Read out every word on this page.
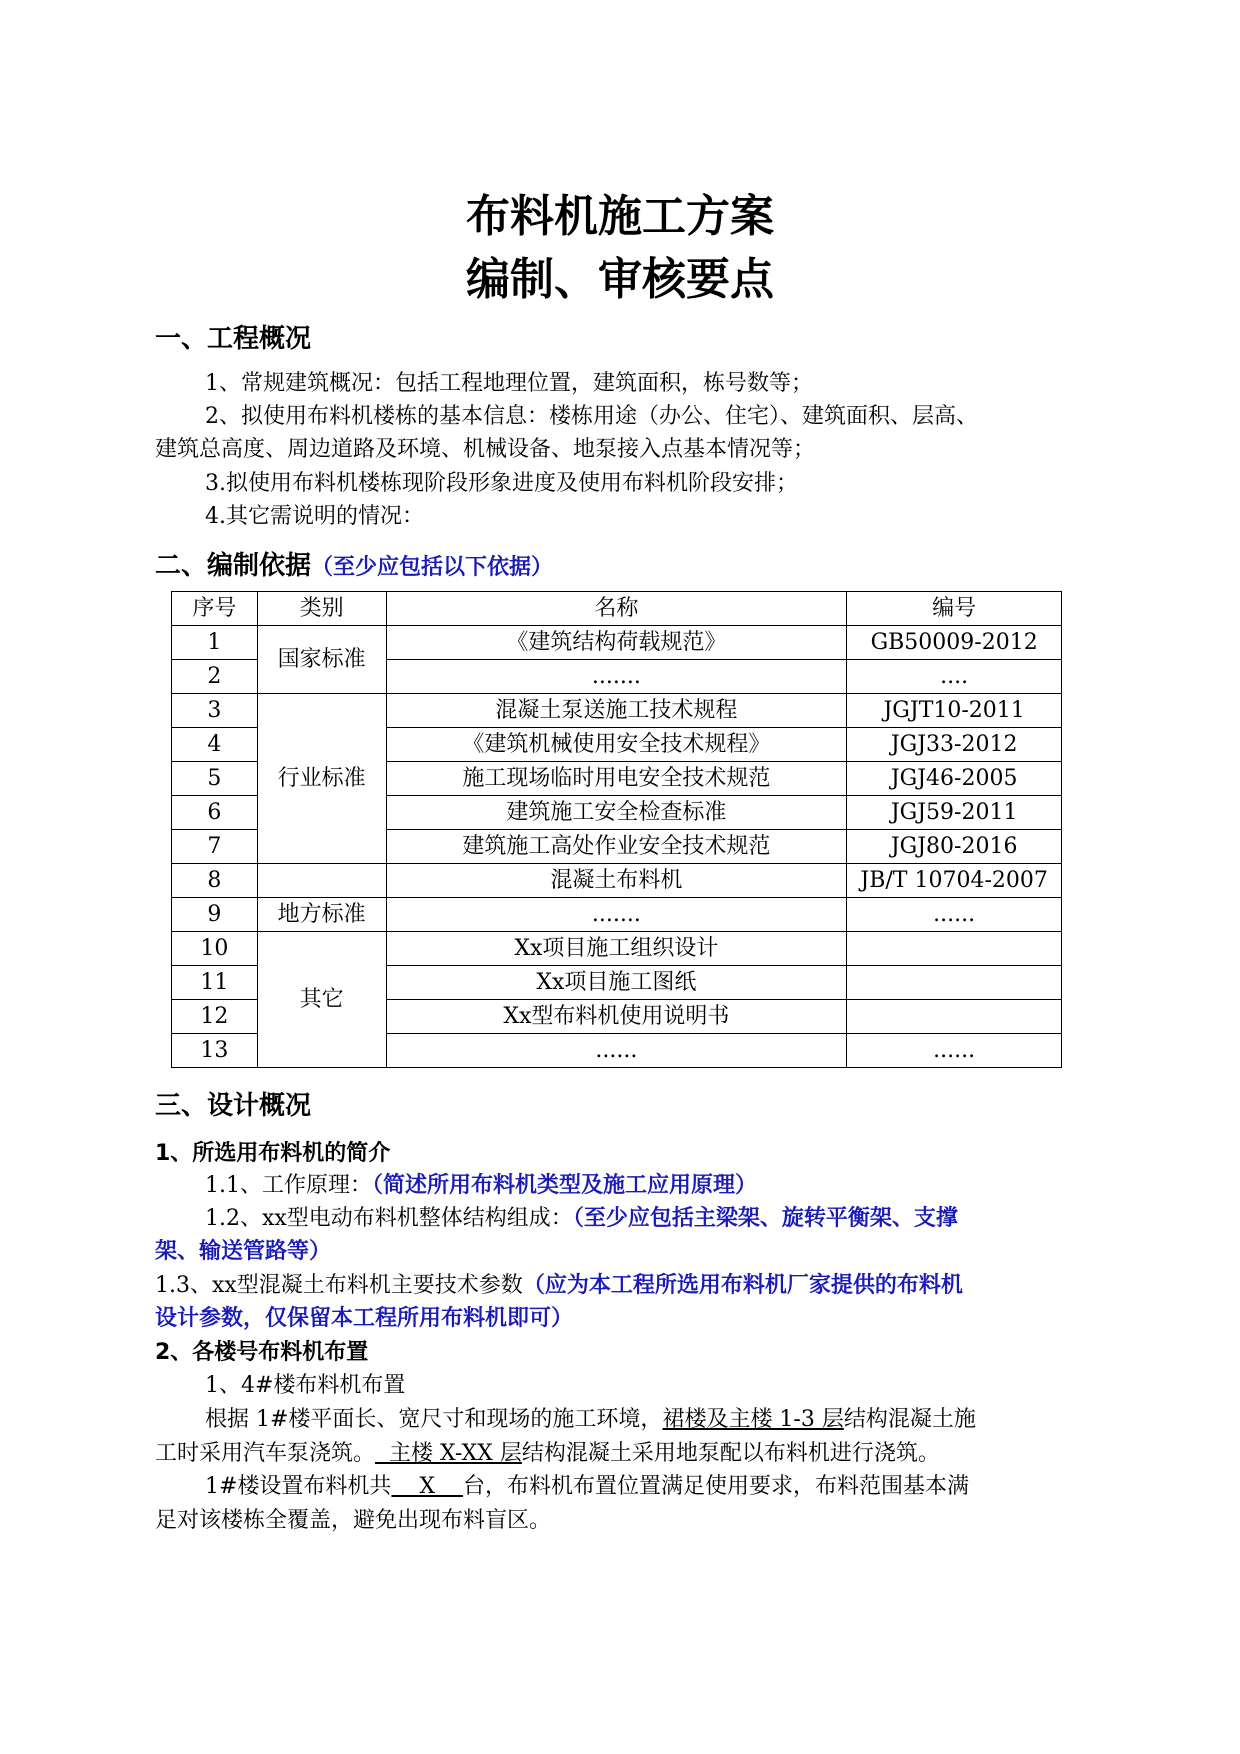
布料机施工方案
编制、审核要点
一、工程概况
1、常规建筑概况：包括工程地理位置，建筑面积，栋号数等；
2、拟使用布料机楼栋的基本信息：楼栋用途（办公、住宅）、建筑面积、层高、
建筑总高度、周边道路及环境、机械设备、地泵接入点基本情况等；
3.拟使用布料机楼栋现阶段形象进度及使用布料机阶段安排；
4.其它需说明的情况：
二、编制依据（至少应包括以下依据）
序号	类别	名称	编号
1	国家标准	《建筑结构荷载规范》	GB50009-2012
2		.......	....
3	行业标准	混凝土泵送施工技术规程	JGJT10-2011
4		《建筑机械使用安全技术规程》	JGJ33-2012
5		施工现场临时用电安全技术规范	JGJ46-2005
6		建筑施工安全检查标准	JGJ59-2011
7		建筑施工高处作业安全技术规范	JGJ80-2016
8		混凝土布料机	JB/T 10704-2007
9	地方标准	.......	......
10	其它	Xx项目施工组织设计	
11		Xx项目施工图纸	
12		Xx型布料机使用说明书	
13		......	......
三、设计概况
1、所选用布料机的简介
1.1、工作原理：（简述所用布料机类型及施工应用原理）
1.2、xx型电动布料机整体结构组成：（至少应包括主梁架、旋转平衡架、支撑
架、输送管路等）
1.3、xx型混凝土布料机主要技术参数（应为本工程所选用布料机厂家提供的布料机
设计参数，仅保留本工程所用布料机即可）
2、各楼号布料机布置
1、4#楼布料机布置
根据 1#楼平面长、宽尺寸和现场的施工环境，裙楼及主楼 1-3 层结构混凝土施
工时采用汽车泵浇筑。  主楼 X-XX 层结构混凝土采用地泵配以布料机进行浇筑。
1#楼设置布料机共    X    台，布料机布置位置满足使用要求，布料范围基本满
足对该楼栋全覆盖，避免出现布料盲区。
